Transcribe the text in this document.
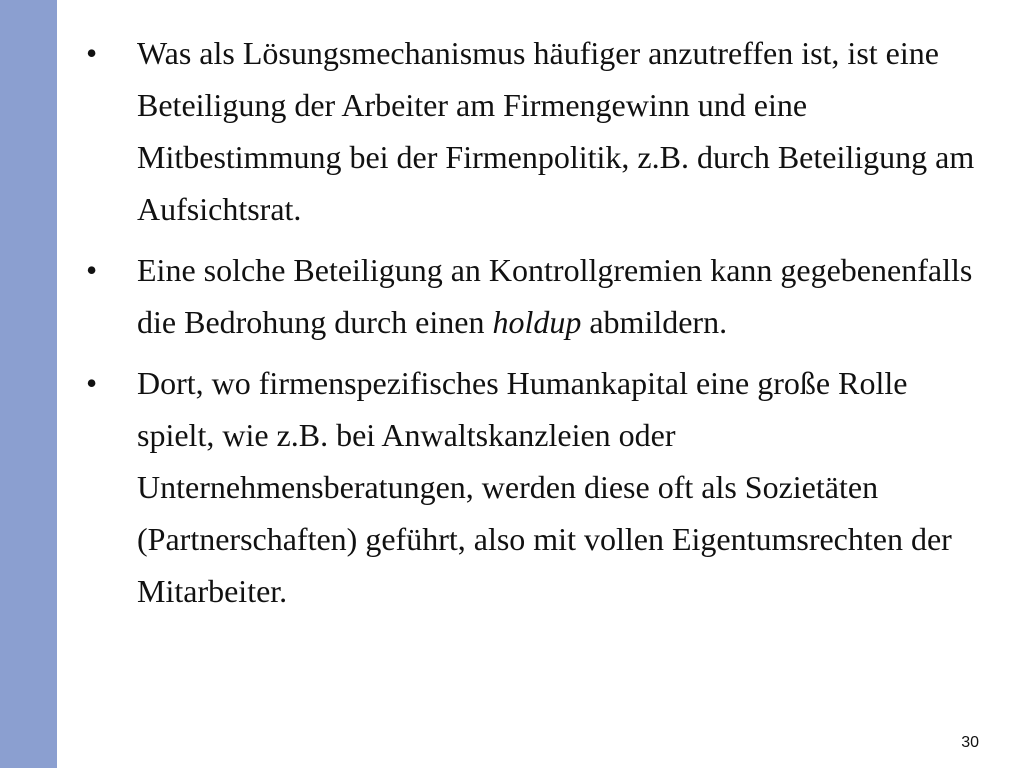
• Was als Lösungsmechanismus häufiger anzutreffen ist, ist eine Beteiligung der Arbeiter am Firmengewinn und eine Mitbestimmung bei der Firmenpolitik, z.B. durch Beteiligung am Aufsichtsrat.
• Eine solche Beteiligung an Kontrollgremien kann gegebenenfalls die Bedrohung durch einen holdup abmildern.
• Dort, wo firmenspezifisches Humankapital eine große Rolle spielt, wie z.B. bei Anwaltskanzleien oder Unternehmensberatungen, werden diese oft als Sozietäten (Partnerschaften) geführt, also mit vollen Eigentumsrechten der Mitarbeiter.
30
